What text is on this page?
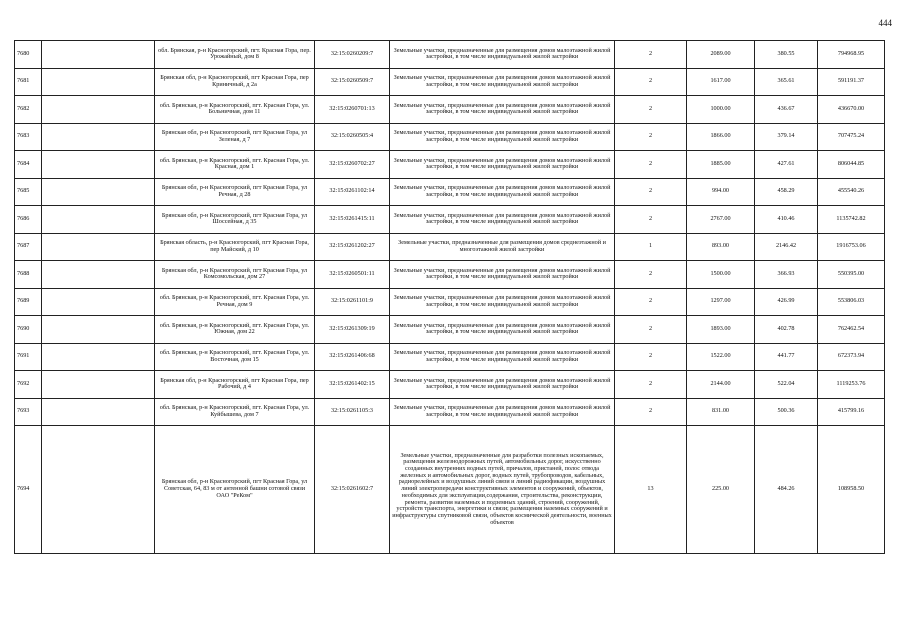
444
7680		обл. Брянская, р-н Красногорский, пгт. Красная Гора, пер. Урожайный, дом 8	32:15:0260209:7	Земельные участки, предназначенные для размещения домов малоэтажной жилой застройки, в том числе индивидуальной жилой застройки	2	2089.00	380.55	794968.95
7681		Брянская обл, р-н Красногорский, пгт Красная Гора, пер Криничный, д 2а	32:15:0260509:7	Земельные участки, предназначенные для размещения домов малоэтажной жилой застройки, в том числе индивидуальной жилой застройки	2	1617.00	365.61	591191.37
7682		обл. Брянская, р-н Красногорский, пгт. Красная Гора, ул. Больничная, дом 11	32:15:0260701:13	Земельные участки, предназначенные для размещения домов малоэтажной жилой застройки, в том числе индивидуальной жилой застройки	2	1000.00	436.67	436670.00
7683		Брянская обл, р-н Красногорский, пгт Красная Гора, ул Зеленая, д 7	32:15:0260505:4	Земельные участки, предназначенные для размещения домов малоэтажной жилой застройки, в том числе индивидуальной жилой застройки	2	1866.00	379.14	707475.24
7684		обл. Брянская, р-н Красногорский, пгт. Красная Гора, ул. Красная, дом 1	32:15:0260702:27	Земельные участки, предназначенные для размещения домов малоэтажной жилой застройки, в том числе индивидуальной жилой застройки	2	1885.00	427.61	806044.85
7685		Брянская обл, р-н Красногорский, пгт Красная Гора, ул Речная, д 28	32:15:0261102:14	Земельные участки, предназначенные для размещения домов малоэтажной жилой застройки, в том числе индивидуальной жилой застройки	2	994.00	458.29	455540.26
7686		Брянская обл, р-н Красногорский, пгт Красная Гора, ул Шоссейная, д 35	32:15:0261415:11	Земельные участки, предназначенные для размещения домов малоэтажной жилой застройки, в том числе индивидуальной жилой застройки	2	2767.00	410.46	1135742.82
7687		Брянская область, р-н Красногорский, пгт Красная Гора, пер Майский, д 10	32:15:0261202:27	Земельные участки, предназначенные для размещения домов среднеэтажной и многоэтажной жилой застройки	1	893.00	2146.42	1916753.06
7688		Брянская обл, р-н Красногорский, пгт Красная Гора, ул Комсомольская, дом 27	32:15:0260501:11	Земельные участки, предназначенные для размещения домов малоэтажной жилой застройки, в том числе индивидуальной жилой застройки	2	1500.00	366.93	550395.00
7689		обл. Брянская, р-н Красногорский, пгт. Красная Гора, ул. Речная, дом 9	32:15:0261101:9	Земельные участки, предназначенные для размещения домов малоэтажной жилой застройки, в том числе индивидуальной жилой застройки	2	1297.00	426.99	553806.03
7690		обл. Брянская, р-н Красногорский, пгт. Красная Гора, ул. Южная, дом 22	32:15:0261309:19	Земельные участки, предназначенные для размещения домов малоэтажной жилой застройки, в том числе индивидуальной жилой застройки	2	1893.00	402.78	762462.54
7691		обл. Брянская, р-н Красногорский, пгт. Красная Гора, ул. Восточная, дом 15	32:15:0261406:68	Земельные участки, предназначенные для размещения домов малоэтажной жилой застройки, в том числе индивидуальной жилой застройки	2	1522.00	441.77	672373.94
7692		Брянская обл, р-н Красногорский, пгт Красная Гора, пер Рабочий, д 4	32:15:0261402:15	Земельные участки, предназначенные для размещения домов малоэтажной жилой застройки, в том числе индивидуальной жилой застройки	2	2144.00	522.04	1119253.76
7693		обл. Брянская, р-н Красногорский, пгт. Красная Гора, ул. Куйбышева, дом 7	32:15:0261105:3	Земельные участки, предназначенные для размещения домов малоэтажной жилой застройки, в том числе индивидуальной жилой застройки	2	831.00	500.36	415799.16
7694		Брянская обл, р-н Красногорский, пгт Красная Гора, ул Советская, 64, 83 м от антенной башни сотовой связи ОАО "РеКом"	32:15:0261602:7	Земельные участки, предназначенные для разработки полезных ископаемых, размещения железнодорожных путей, автомобильных дорог, искусственно созданных внутренних водных путей, причалов, пристаней, полос отвода железных и автомобильных дорог, водных путей, трубопроводов, кабельных, радиорелейных и воздушных линий связи и линий радиофикации, воздушных линий электропередачи конструктивных элементов и сооружений, объектов, необходимых для эксплуатации,содержания, строительства, реконструкции, ремонта, развития наземных и подземных зданий, строений, сооружений, устройств транспорта, энергетики и связи; размещения наземных сооружений и инфраструктуры спутниковой связи, объектов космической деятельности, военных объектов	13	225.00	484.26	108958.50
